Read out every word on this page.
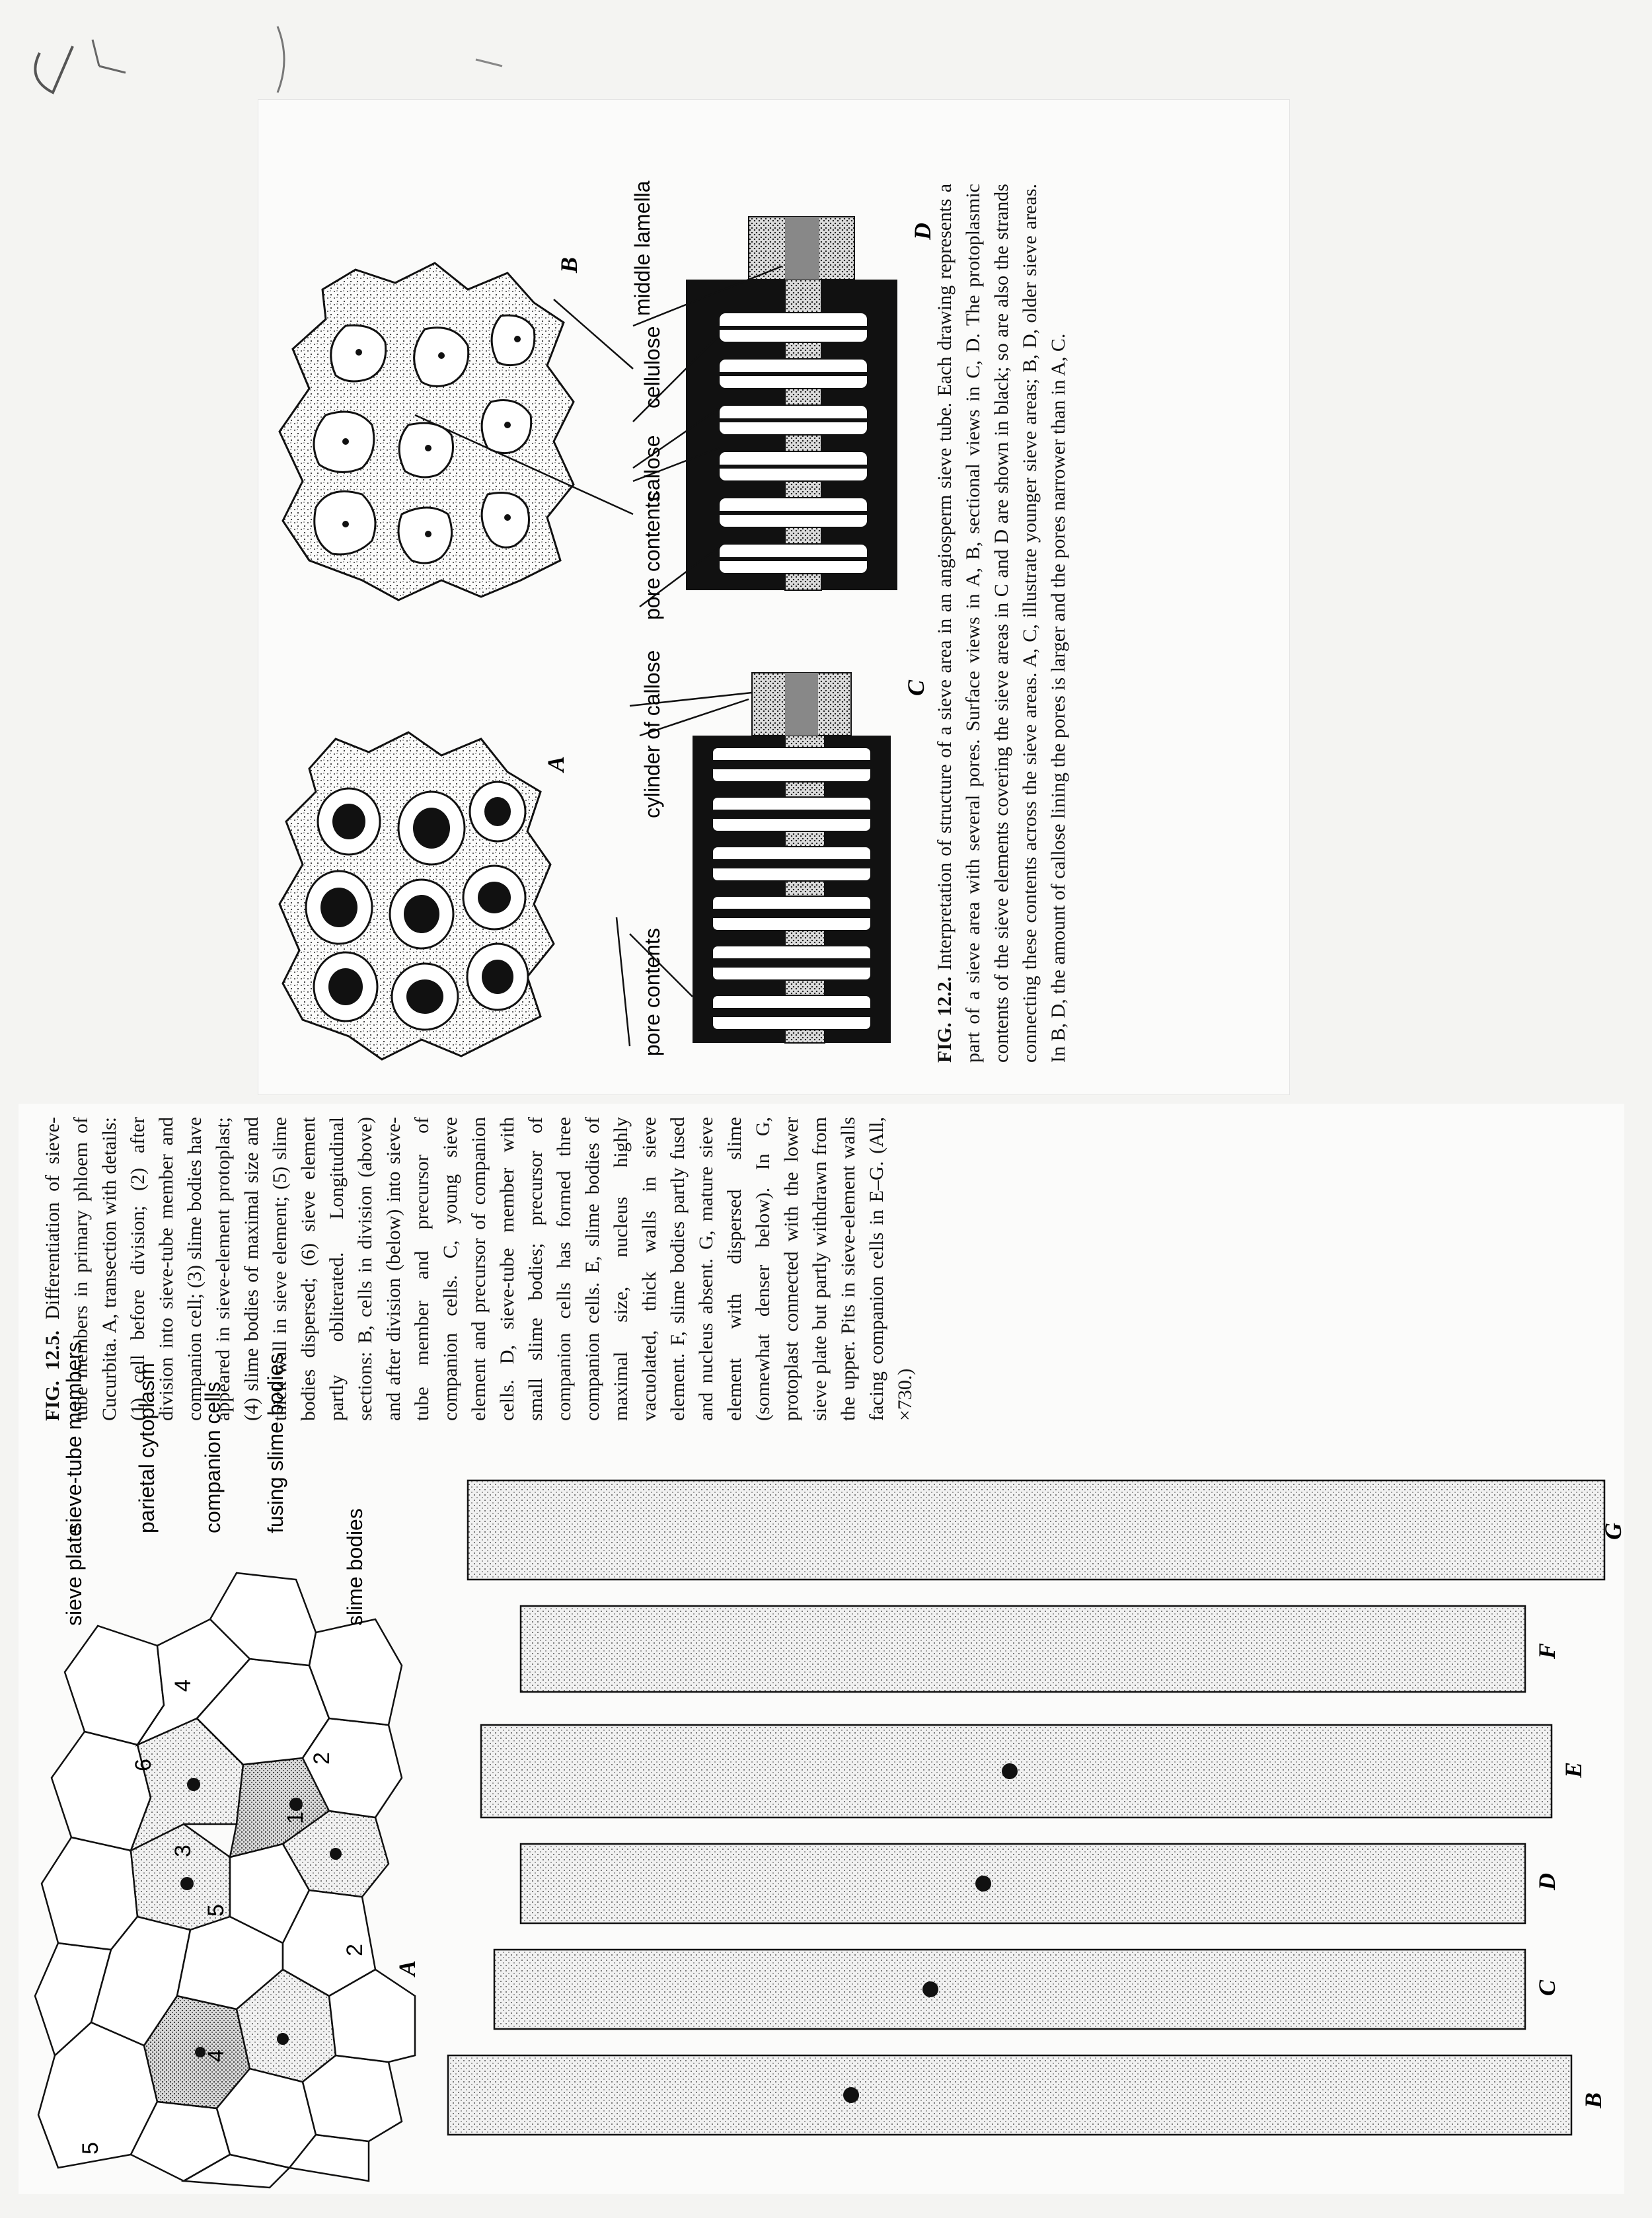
A
B
C
D
pore contents
cylinder of callose
pore contents
callose
cellulose
middle lamella
FIG. 12.2. Interpretation of structure of a sieve area in an angiosperm sieve tube. Each drawing represents a part of a sieve area with several pores. Surface views in A, B, sectional views in C, D. The protoplasmic contents of the sieve elements covering the sieve areas in C and D are shown in black; so are also the strands connecting these contents across the sieve areas. A, C, illustrate younger sieve areas; B, D, older sieve areas. In B, D, the amount of callose lining the pores is larger and the pores narrower than in A, C.
5
4
2
5
3
6
1
2
4
A
sieve plate
sieve-tube members parietal cytoplasm companion cells fusing slime bodies
slime bodies
B
C
D
E
F
G
FIG. 12.5. Differentiation of sieve-tube members in primary phloem of Cucurbita. A, transection with details: (1) cell before division; (2) after division into sieve-tube member and companion cell; (3) slime bodies have appeared in sieve-element protoplast; (4) slime bodies of maximal size and thick wall in sieve element; (5) slime bodies dispersed; (6) sieve element partly obliterated. Longitudinal sections: B, cells in division (above) and after division (below) into sieve-tube member and precursor of companion cells. C, young sieve element and precursor of companion cells. D, sieve-tube member with small slime bodies; precursor of companion cells has formed three companion cells. E, slime bodies of maximal size, nucleus highly vacuolated, thick walls in sieve element. F, slime bodies partly fused and nucleus absent. G, mature sieve element with dispersed slime (somewhat denser below). In G, protoplast connected with the lower sieve plate but partly withdrawn from the upper. Pits in sieve-element walls facing companion cells in E–G. (All, ×730.)
